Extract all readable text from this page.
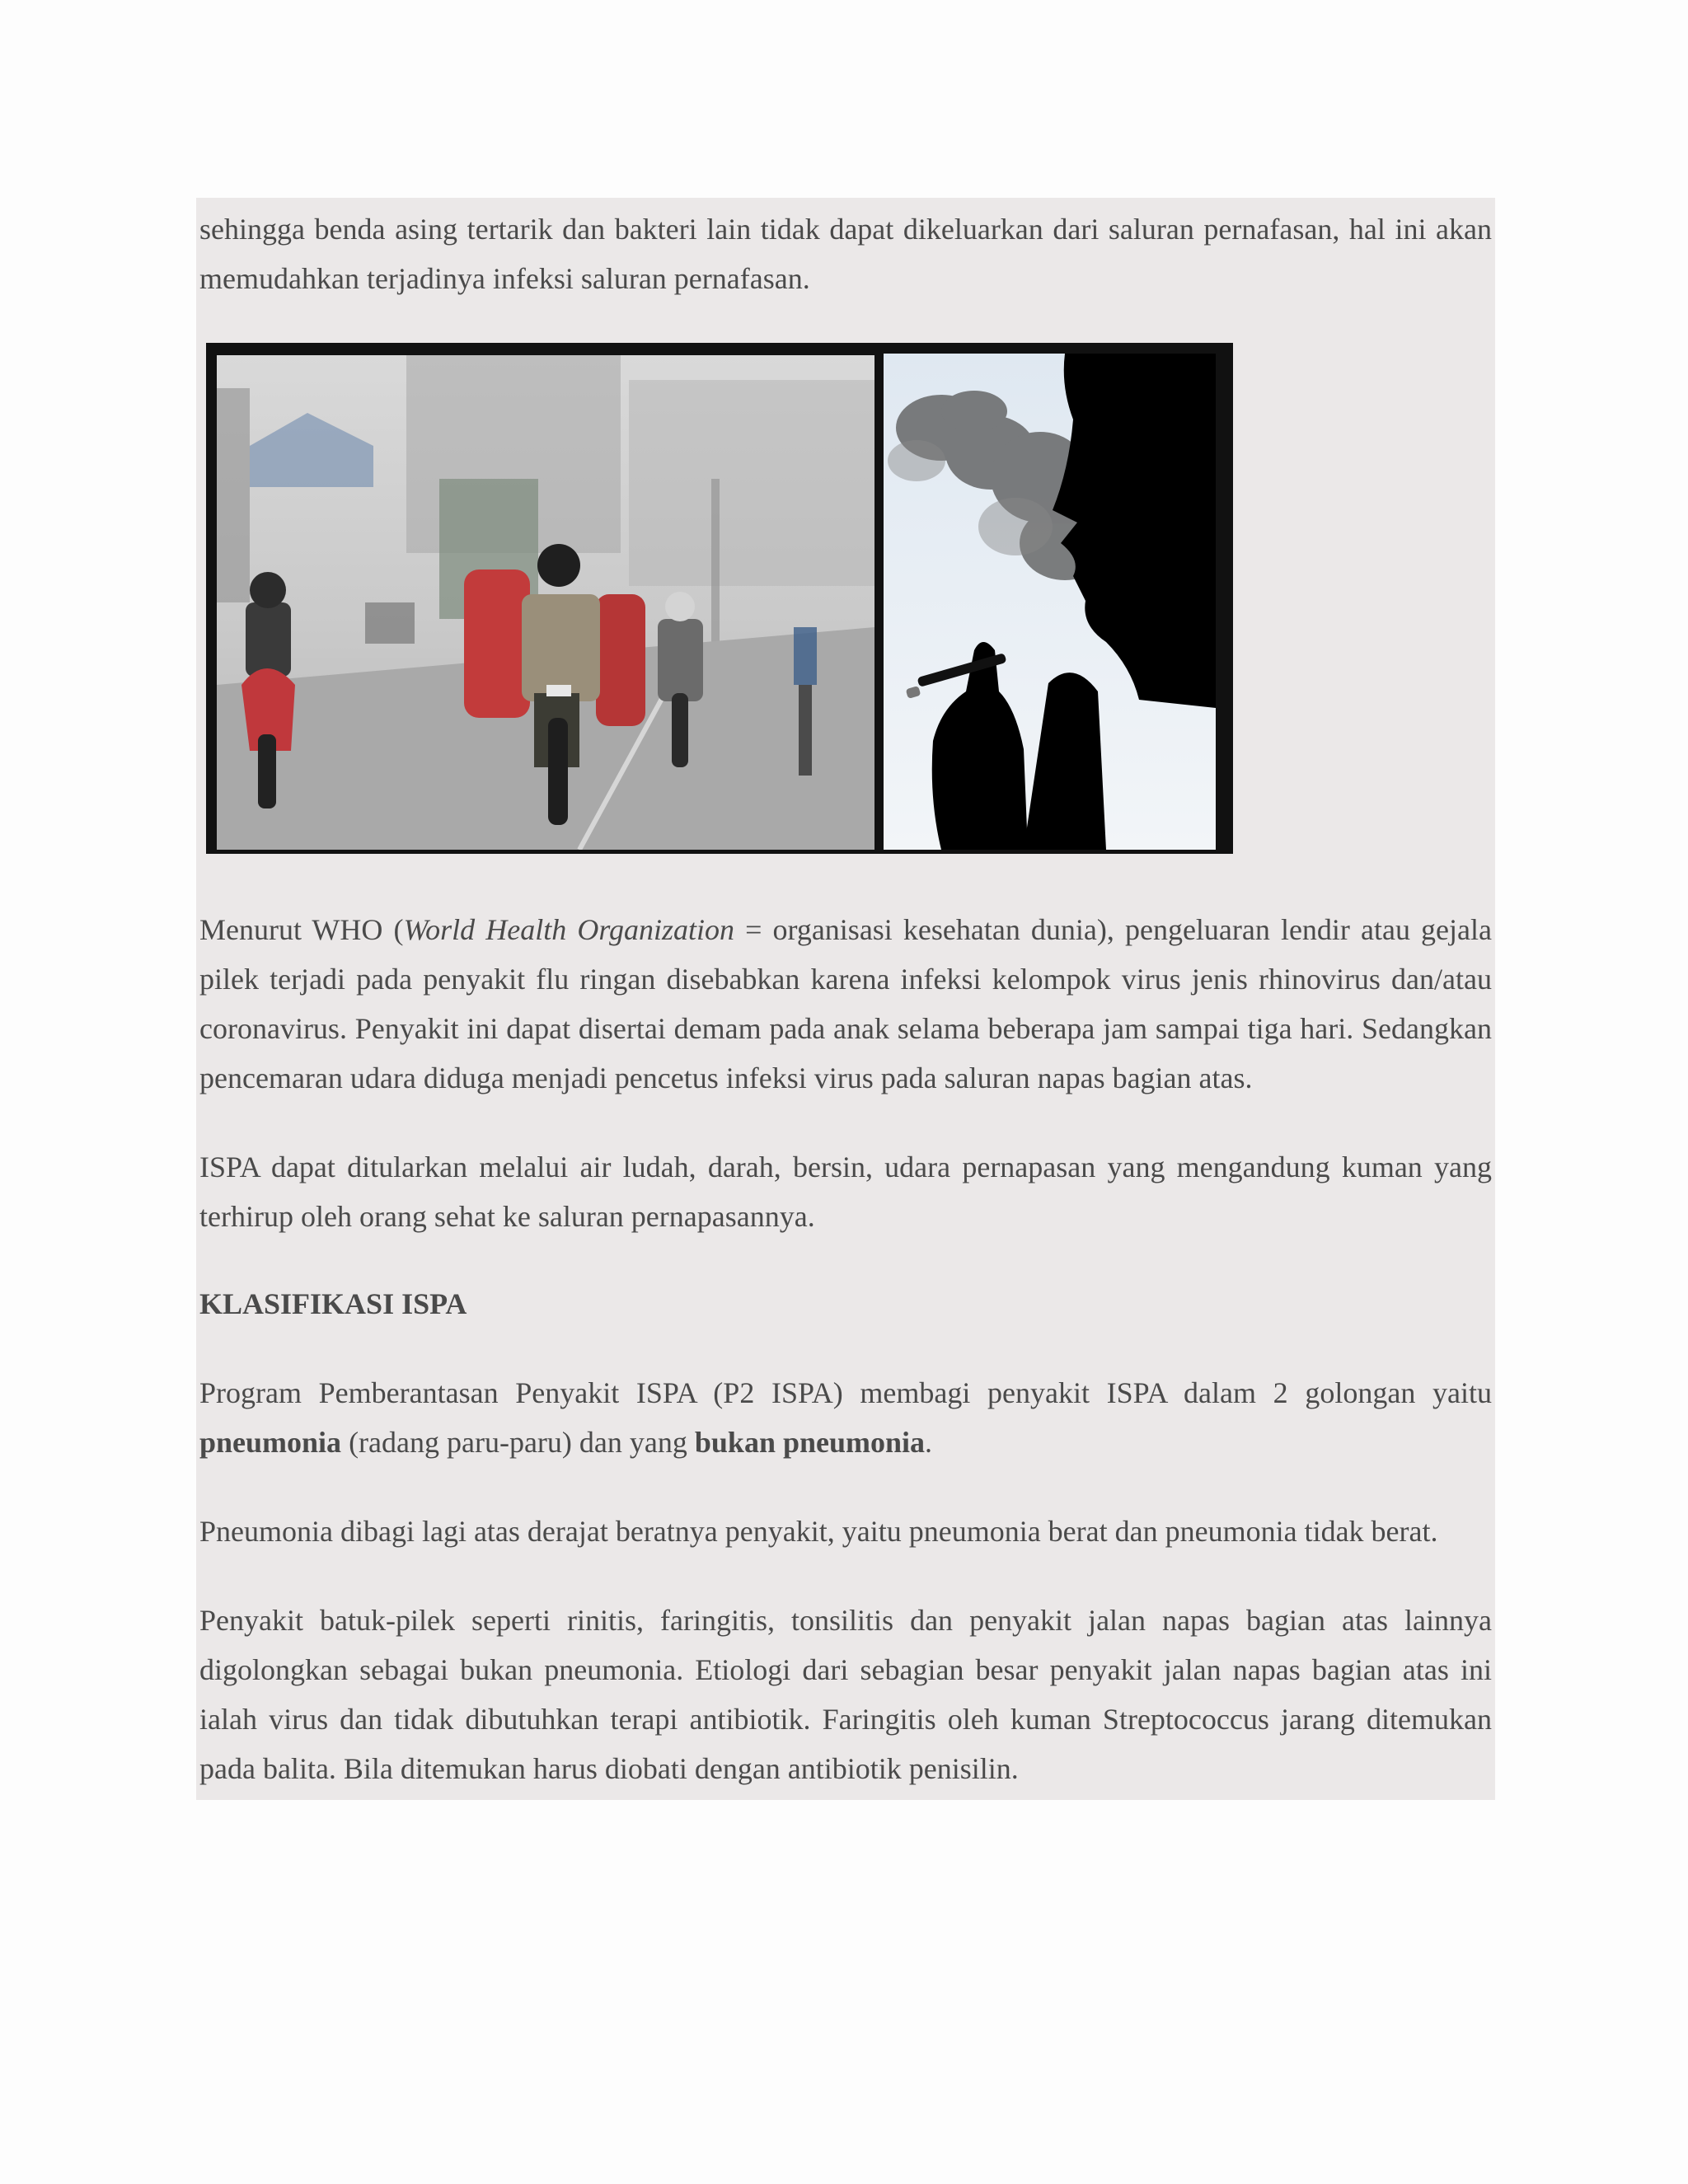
sehingga benda asing tertarik dan bakteri lain tidak dapat dikeluarkan dari saluran pernafasan, hal ini akan memudahkan terjadinya infeksi saluran pernafasan.

Menurut WHO (World Health Organization = organisasi kesehatan dunia), pengeluaran lendir atau gejala pilek terjadi pada penyakit flu ringan disebabkan karena infeksi kelompok virus jenis rhinovirus dan/atau coronavirus. Penyakit ini dapat disertai demam pada anak selama beberapa jam sampai tiga hari. Sedangkan pencemaran udara diduga menjadi pencetus infeksi virus pada saluran napas bagian atas.

ISPA dapat ditularkan melalui air ludah, darah, bersin, udara pernapasan yang mengandung kuman yang terhirup oleh orang sehat ke saluran pernapasannya.

KLASIFIKASI ISPA

Program Pemberantasan Penyakit ISPA (P2 ISPA) membagi penyakit ISPA dalam 2 golongan yaitu pneumonia (radang paru-paru) dan yang bukan pneumonia.

Pneumonia dibagi lagi atas derajat beratnya penyakit, yaitu pneumonia berat dan pneumonia tidak berat.

Penyakit batuk-pilek seperti rinitis, faringitis, tonsilitis dan penyakit jalan napas bagian atas lainnya digolongkan sebagai bukan pneumonia. Etiologi dari sebagian besar penyakit jalan napas bagian atas ini ialah virus dan tidak dibutuhkan terapi antibiotik. Faringitis oleh kuman Streptococcus jarang ditemukan pada balita. Bila ditemukan harus diobati dengan antibiotik penisilin.
